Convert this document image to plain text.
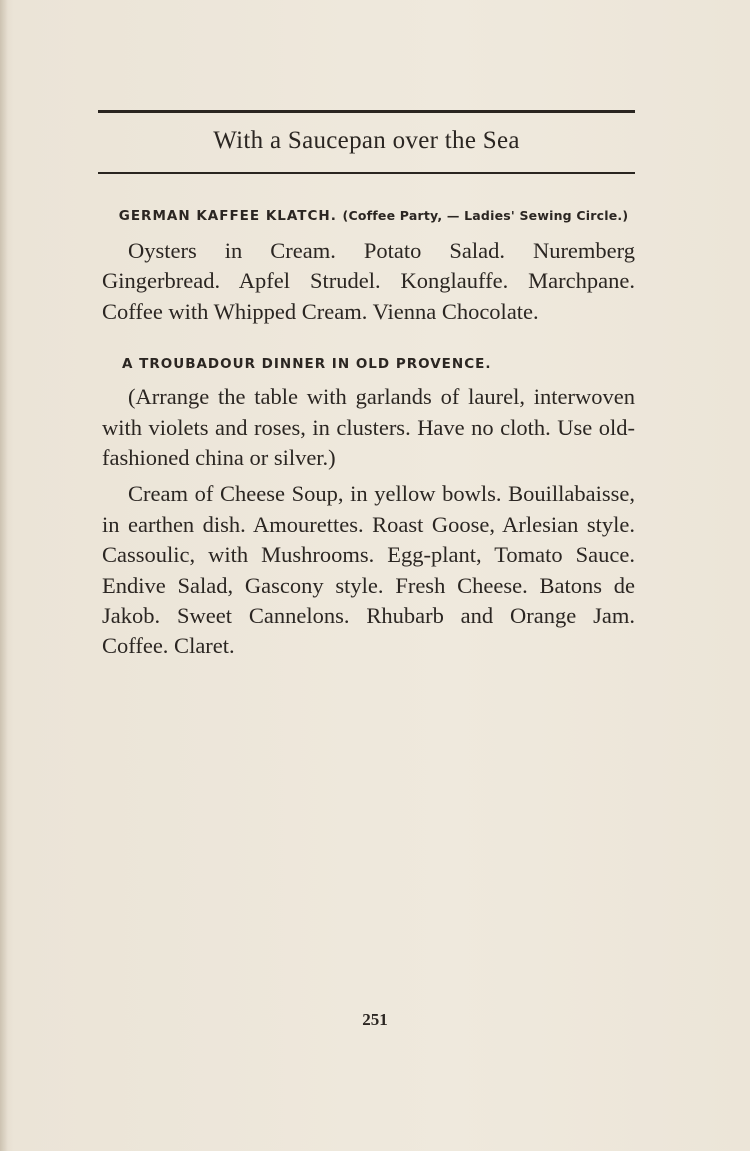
With a Saucepan over the Sea
GERMAN KAFFEE KLATCH. (Coffee Party, — Ladies' Sewing Circle.)

Oysters in Cream. Potato Salad. Nuremberg Gingerbread. Apfel Strudel. Konglauffe. Marchpane. Coffee with Whipped Cream. Vienna Chocolate.

A TROUBADOUR DINNER IN OLD PROVENCE.

(Arrange the table with garlands of laurel, interwoven with violets and roses, in clusters. Have no cloth. Use old-fashioned china or silver.)

Cream of Cheese Soup, in yellow bowls. Bouillabaisse, in earthen dish. Amourettes. Roast Goose, Arlesian style. Cassoulic, with Mushrooms. Egg-plant, Tomato Sauce. Endive Salad, Gascony style. Fresh Cheese. Batons de Jakob. Sweet Cannelons. Rhubarb and Orange Jam. Coffee. Claret.

251
